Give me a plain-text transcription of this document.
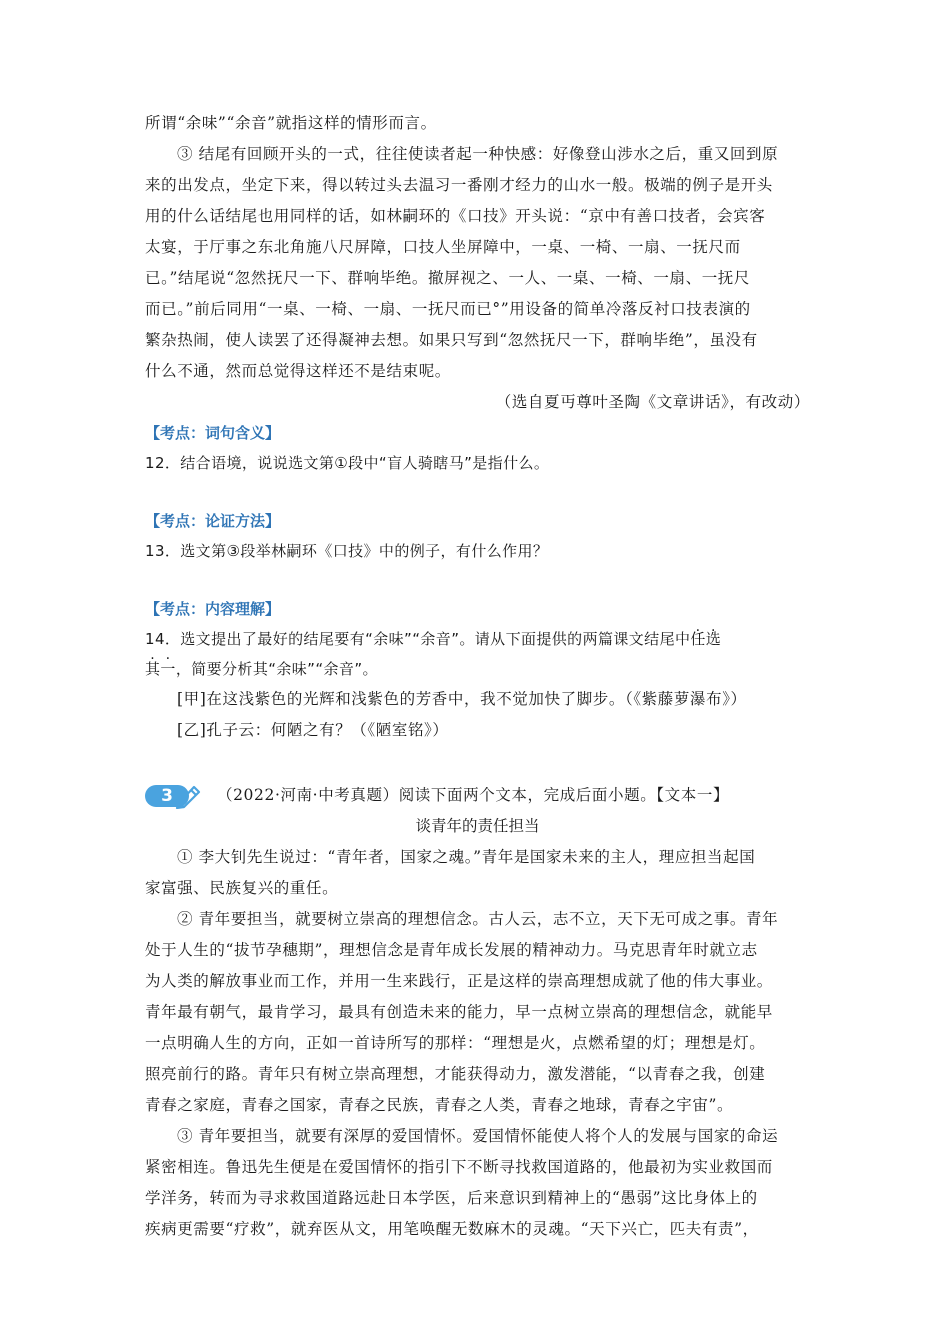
所谓“余味”“余音”就指这样的情形而言。
③ 结尾有回顾开头的一式，往往使读者起一种快感：好像登山涉水之后，重又回到原
来的出发点，坐定下来，得以转过头去温习一番刚才经力的山水一般。极端的例子是开头
用的什么话结尾也用同样的话，如林嗣环的《口技》开头说：“京中有善口技者，会宾客
太宴，于厅事之东北角施八尺屏障，口技人坐屏障中，一桌、一椅、一扇、一抚尺而
已。”结尾说“忽然抚尺一下、群响毕绝。撤屏视之、一人、一桌、一椅、一扇、一抚尺
而已。”前后同用“一桌、一椅、一扇、一抚尺而已°”用设备的简单冷落反衬口技表演的
繁杂热闹，使人读罢了还得凝神去想。如果只写到“忽然抚尺一下，群响毕绝”，虽没有
什么不通，然而总觉得这样还不是结束呢。
（选自夏丏尊叶圣陶《文章讲话》，有改动）
【考点：词句含义】
12．结合语境，说说选文第①段中“盲人骑瞎马”是指什么。
【考点：论证方法】
13．选文第③段举林嗣环《口技》中的例子，有什么作用？
【考点：内容理解】
14．选文提出了最好的结尾要有“余味”“余音”。请从下面提供的两篇课文结尾中任选
其一，简要分析其“余味”“余音”。
[甲]在这浅紫色的光辉和浅紫色的芳香中，我不觉加快了脚步。（《紫藤萝瀑布》）
[乙]孔子云：何陋之有？（《陋室铭》）
3	（2022·河南·中考真题）阅读下面两个文本，完成后面小题。【文本一】
谈青年的责任担当
① 李大钊先生说过：“青年者，国家之魂。”青年是国家未来的主人，理应担当起国
家富强、民族复兴的重任。
② 青年要担当，就要树立崇高的理想信念。古人云，志不立，天下无可成之事。青年
处于人生的“拔节孕穗期”，理想信念是青年成长发展的精神动力。马克思青年时就立志
为人类的解放事业而工作，并用一生来践行，正是这样的崇高理想成就了他的伟大事业。
青年最有朝气，最肯学习，最具有创造未来的能力，早一点树立崇高的理想信念，就能早
一点明确人生的方向，正如一首诗所写的那样：“理想是火，点燃希望的灯；理想是灯。
照亮前行的路。青年只有树立崇高理想，才能获得动力，激发潜能，“以青春之我，创建
青春之家庭，青春之国家，青春之民族，青春之人类，青春之地球，青春之宇宙”。
③ 青年要担当，就要有深厚的爱国情怀。爱国情怀能使人将个人的发展与国家的命运
紧密相连。鲁迅先生便是在爱国情怀的指引下不断寻找救国道路的，他最初为实业救国而
学洋务，转而为寻求救国道路远赴日本学医，后来意识到精神上的“愚弱”这比身体上的
疾病更需要“疗救”，就弃医从文，用笔唤醒无数麻木的灵魂。“天下兴亡，匹夫有责”，
